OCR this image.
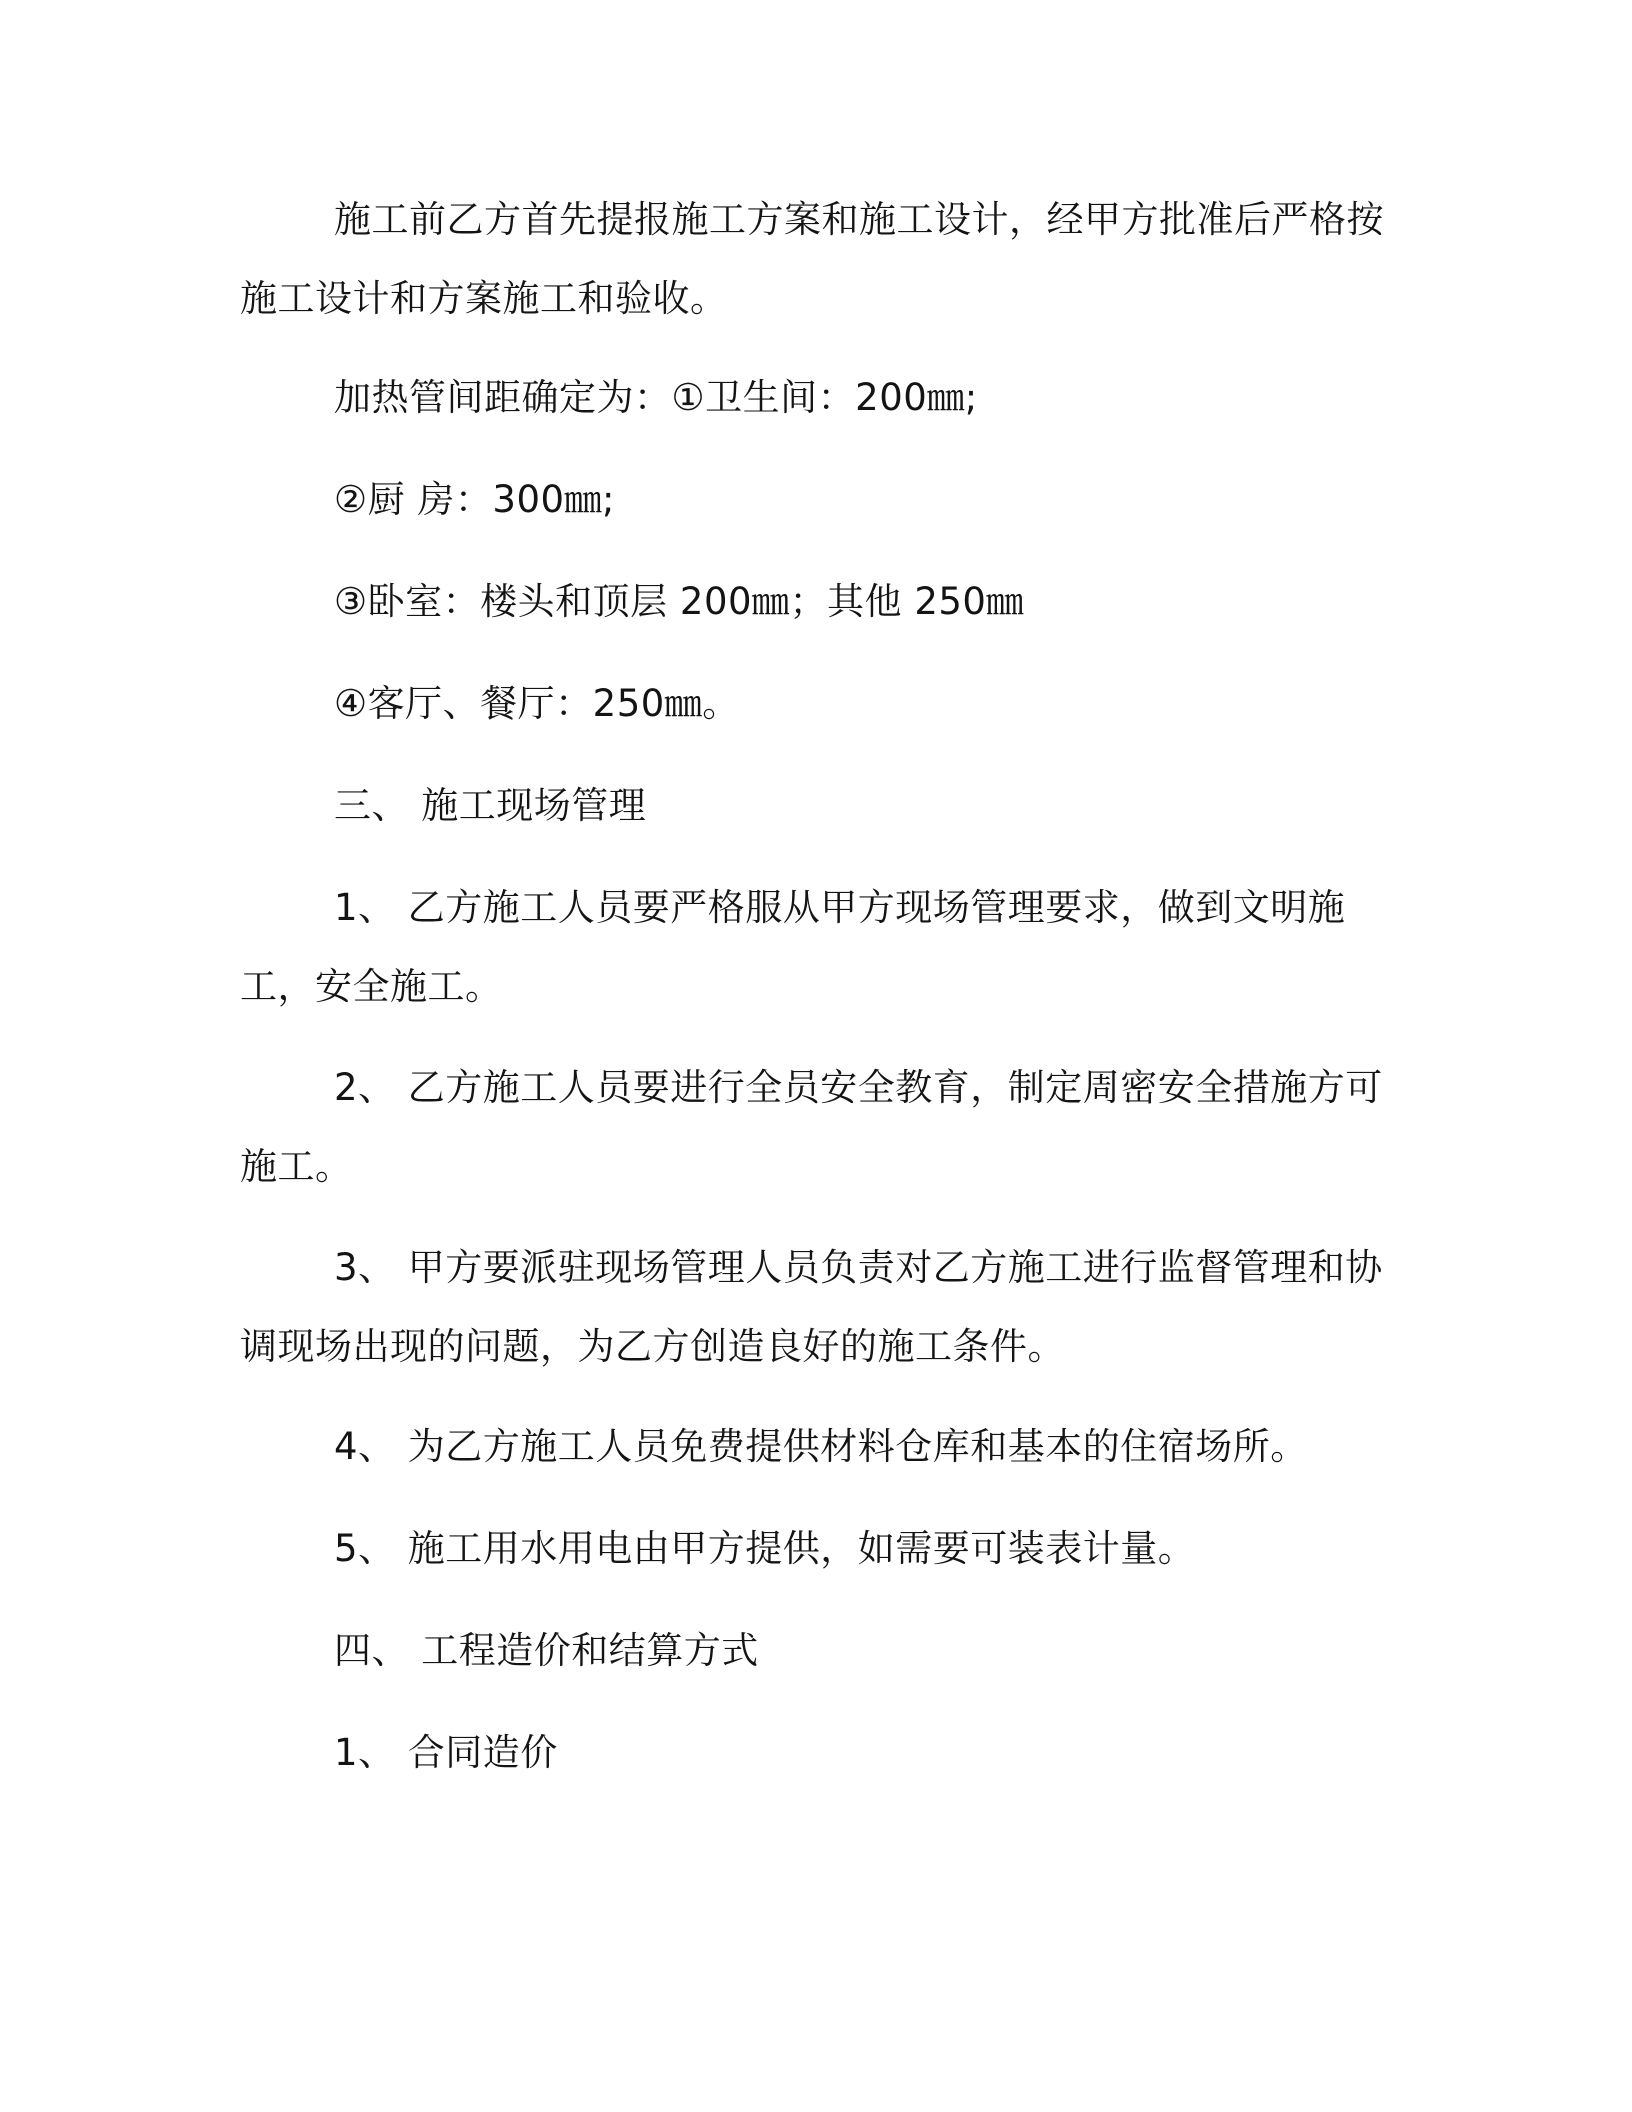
施工前乙方首先提报施工方案和施工设计，经甲方批准后严格按施工设计和方案施工和验收。

加热管间距确定为：①卫生间：200㎜;

②厨 房：300㎜;

③卧室：楼头和顶层 200㎜；其他 250㎜

④客厅、餐厅：250㎜。

三、 施工现场管理

1、 乙方施工人员要严格服从甲方现场管理要求，做到文明施工，安全施工。

2、 乙方施工人员要进行全员安全教育，制定周密安全措施方可施工。

3、 甲方要派驻现场管理人员负责对乙方施工进行监督管理和协调现场出现的问题，为乙方创造良好的施工条件。

4、 为乙方施工人员免费提供材料仓库和基本的住宿场所。

5、 施工用水用电由甲方提供，如需要可装表计量。

四、 工程造价和结算方式

1、 合同造价
